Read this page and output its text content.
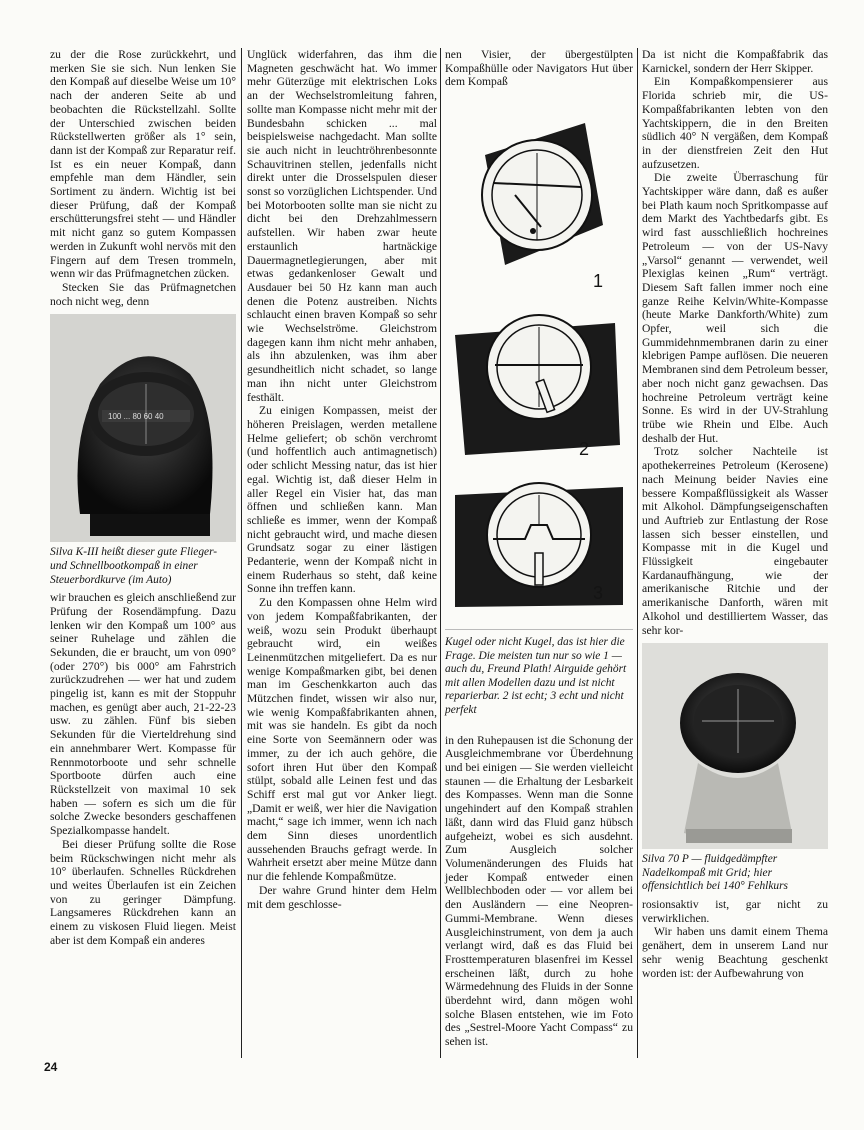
zu der die Rose zurückkehrt, und merken Sie sie sich. Nun lenken Sie den Kompaß auf dieselbe Weise um 10° nach der anderen Seite ab und beobachten die Rückstellzahl. Sollte der Unterschied zwischen beiden Rückstellwerten größer als 1° sein, dann ist der Kompaß zur Reparatur reif. Ist es ein neuer Kompaß, dann empfehle man dem Händler, sein Sortiment zu ändern. Wichtig ist bei dieser Prüfung, daß der Kompaß erschütterungsfrei steht — und Händler mit nicht ganz so gutem Kompassen werden in Zukunft wohl nervös mit den Fingern auf dem Tresen trommeln, wenn wir das Prüfmagnetchen zücken.

Stecken Sie das Prüfmagnetchen noch nicht weg, denn

100 ... 80 60 40

Silva K-III heißt dieser gute Flieger- und Schnellbootkompaß in einer Steuerbordkurve (im Auto)

wir brauchen es gleich anschließend zur Prüfung der Rosendämpfung. Dazu lenken wir den Kompaß um 100° aus seiner Ruhelage und zählen die Sekunden, die er braucht, um von 090° (oder 270°) bis 000° am Fahrstrich zurückzudrehen — wer hat und zudem pingelig ist, kann es mit der Stoppuhr machen, es genügt aber auch, 21-22-23 usw. zu zählen. Fünf bis sieben Sekunden für die Vierteldrehung sind ein annehmbarer Wert. Kompasse für Rennmotorboote und sehr schnelle Sportboote dürfen auch eine Rückstellzeit von maximal 10 sek haben — sofern es sich um die für solche Zwecke besonders geschaffenen Spezialkompasse handelt.

Bei dieser Prüfung sollte die Rose beim Rückschwingen nicht mehr als 10° überlaufen. Schnelles Rückdrehen und weites Überlaufen ist ein Zeichen von zu geringer Dämpfung. Langsameres Rückdrehen kann an einem zu viskosen Fluid liegen. Meist aber ist dem Kompaß ein anderes

Unglück widerfahren, das ihm die Magneten geschwächt hat. Wo immer mehr Güterzüge mit elektrischen Loks an der Wechselstromleitung fahren, sollte man Kompasse nicht mehr mit der Bundesbahn schicken ... mal beispielsweise nachgedacht. Man sollte sie auch nicht in leuchtröhrenbesonnte Schauvitrinen stellen, jedenfalls nicht direkt unter die Drosselspulen dieser sonst so vorzüglichen Lichtspender. Und bei Motorbooten sollte man sie nicht zu dicht bei den Drehzahlmessern aufstellen. Wir haben zwar heute erstaunlich hartnäckige Dauermagnetlegierungen, aber mit etwas gedankenloser Gewalt und Ausdauer bei 50 Hz kann man auch denen die Potenz austreiben. Nichts schlaucht einen braven Kompaß so sehr wie Wechselströme. Gleichstrom dagegen kann ihm nicht mehr anhaben, als ihn abzulenken, was ihm aber gesundheitlich nicht schadet, so lange man ihn nicht unter Gleichstrom festhält.

Zu einigen Kompassen, meist der höheren Preislagen, werden metallene Helme geliefert; ob schön verchromt (und hoffentlich auch antimagnetisch) oder schlicht Messing natur, das ist hier egal. Wichtig ist, daß dieser Helm in aller Regel ein Visier hat, das man öffnen und schließen kann. Man schließe es immer, wenn der Kompaß nicht gebraucht wird, und mache diesen Grundsatz sogar zu einer lästigen Pedanterie, wenn der Kompaß nicht in einem Ruderhaus so steht, daß keine Sonne ihn treffen kann.

Zu den Kompassen ohne Helm wird von jedem Kompaßfabrikanten, der weiß, wozu sein Produkt überhaupt gebraucht wird, ein weißes Leinenmützchen mitgeliefert. Da es nur wenige Kompaßmarken gibt, bei denen man im Geschenkkarton auch das Mützchen findet, wissen wir also nur, wie wenig Kompaßfabrikanten ahnen, mit was sie handeln. Es gibt da noch eine Sorte von Seemännern oder was immer, zu der ich auch gehöre, die sofort ihren Hut über den Kompaß stülpt, sobald alle Leinen fest und das Schiff erst mal gut vor Anker liegt. „Damit er weiß, wer hier die Navigation macht,“ sage ich immer, wenn ich nach dem Sinn dieses unordentlich aussehenden Brauchs gefragt werde. In Wahrheit ersetzt aber meine Mütze dann nur die fehlende Kompaßmütze.

Der wahre Grund hinter dem Helm mit dem geschlosse-

nen Visier, der übergestülpten Kompaßhülle oder Navigators Hut über dem Kompaß

1
2
3

Kugel oder nicht Kugel, das ist hier die Frage. Die meisten tun nur so wie 1 — auch du, Freund Plath! Airguide gehört mit allen Modellen dazu und ist nicht reparierbar. 2 ist echt; 3 echt und nicht perfekt

in den Ruhepausen ist die Schonung der Ausgleichmembrane vor Überdehnung und bei einigen — Sie werden vielleicht staunen — die Erhaltung der Lesbarkeit des Kompasses. Wenn man die Sonne ungehindert auf den Kompaß strahlen läßt, dann wird das Fluid ganz hübsch aufgeheizt, wobei es sich ausdehnt. Zum Ausgleich solcher Volumenänderungen des Fluids hat jeder Kompaß entweder einen Wellblechboden oder — vor allem bei den Ausländern — eine Neopren-Gummi-Membrane. Wenn dieses Ausgleichinstrument, von dem ja auch verlangt wird, daß es das Fluid bei Frosttemperaturen blasenfrei im Kessel erscheinen läßt, durch zu hohe Wärmedehnung des Fluids in der Sonne überdehnt wird, dann mögen wohl solche Blasen entstehen, wie im Foto des „Sestrel-Moore Yacht Compass“ zu sehen ist.

Da ist nicht die Kompaßfabrik das Karnickel, sondern der Herr Skipper.

Ein Kompaßkompensierer aus Florida schrieb mir, die US-Kompaßfabrikanten lebten von den Yachtskippern, die in den Breiten südlich 40° N vergäßen, dem Kompaß in der dienstfreien Zeit den Hut aufzusetzen.

Die zweite Überraschung für Yachtskipper wäre dann, daß es außer bei Plath kaum noch Spritkompasse auf dem Markt des Yachtbedarfs gibt. Es wird fast ausschließlich hochreines Petroleum — von der US-Navy „Varsol“ genannt — verwendet, weil Plexiglas keinen „Rum“ verträgt. Diesem Saft fallen immer noch eine ganze Reihe Kelvin/White-Kompasse (heute Marke Dankforth/White) zum Opfer, weil sich die Gummidehnmembranen darin zu einer klebrigen Pampe auflösen. Die neueren Membranen sind dem Petroleum besser, aber noch nicht ganz gewachsen. Das hochreine Petroleum verträgt keine Sonne. Es wird in der UV-Strahlung trübe wie Rhein und Elbe. Auch deshalb der Hut.

Trotz solcher Nachteile ist apothekerreines Petroleum (Kerosene) nach Meinung beider Navies eine bessere Kompaßflüssigkeit als Wasser mit Alkohol. Dämpfungseigenschaften und Auftrieb zur Entlastung der Rose lassen sich besser einstellen, und Kompasse mit in die Kugel und Flüssigkeit eingebauter Kardanaufhängung, wie der amerikanische Ritchie und der amerikanische Danforth, wären mit Alkohol und destilliertem Wasser, das sehr kor-

Silva 70 P — fluidgedämpfter Nadelkompaß mit Grid; hier offensichtlich bei 140° Fehlkurs

rosionsaktiv ist, gar nicht zu verwirklichen.

Wir haben uns damit einem Thema genähert, dem in unserem Land nur sehr wenig Beachtung geschenkt worden ist: der Aufbewahrung von

24
